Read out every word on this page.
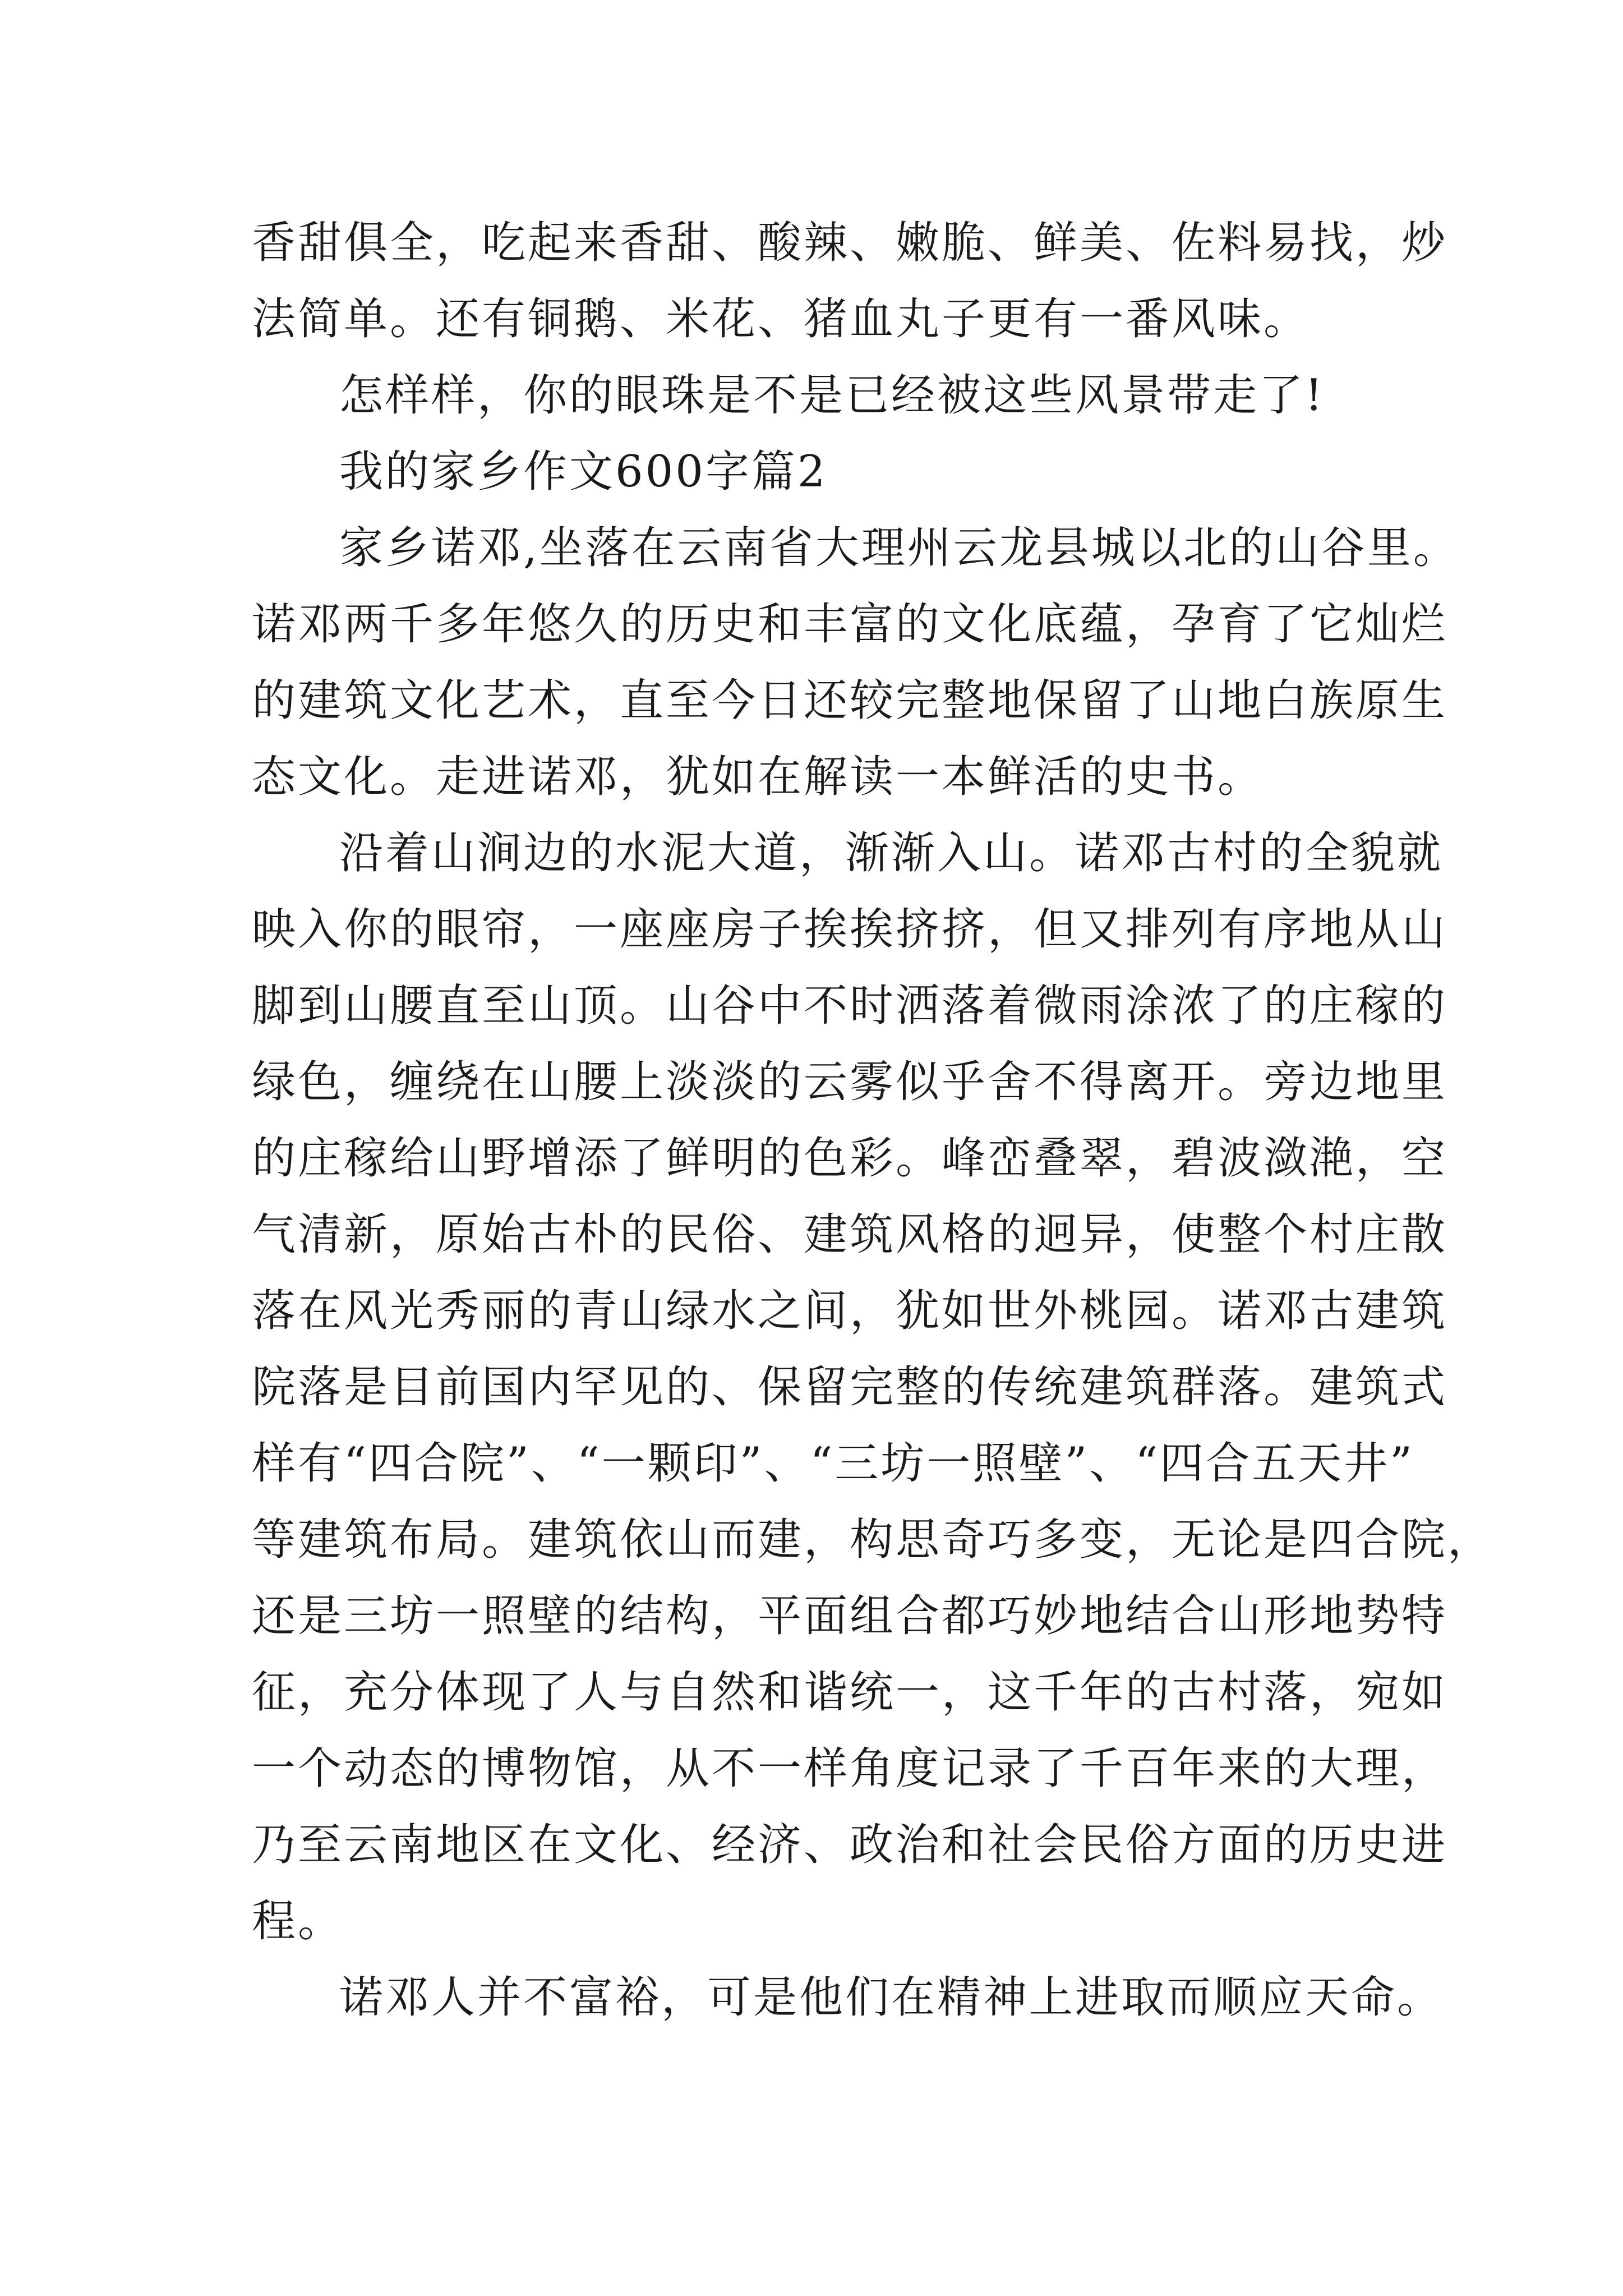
香甜俱全，吃起来香甜、酸辣、嫩脆、鲜美、佐料易找，炒
法简单。还有铜鹅、米花、猪血丸子更有一番风味。
怎样样，你的眼珠是不是已经被这些风景带走了!
我的家乡作文600字篇2
家乡诺邓,坐落在云南省大理州云龙县城以北的山谷里。
诺邓两千多年悠久的历史和丰富的文化底蕴，孕育了它灿烂
的建筑文化艺术，直至今日还较完整地保留了山地白族原生
态文化。走进诺邓，犹如在解读一本鲜活的史书。
沿着山涧边的水泥大道，渐渐入山。诺邓古村的全貌就
映入你的眼帘，一座座房子挨挨挤挤，但又排列有序地从山
脚到山腰直至山顶。山谷中不时洒落着微雨涂浓了的庄稼的
绿色，缠绕在山腰上淡淡的云雾似乎舍不得离开。旁边地里
的庄稼给山野增添了鲜明的色彩。峰峦叠翠，碧波潋滟，空
气清新，原始古朴的民俗、建筑风格的迥异，使整个村庄散
落在风光秀丽的青山绿水之间，犹如世外桃园。诺邓古建筑
院落是目前国内罕见的、保留完整的传统建筑群落。建筑式
样有“四合院”、“一颗印”、“三坊一照壁”、“四合五天井”
等建筑布局。建筑依山而建，构思奇巧多变，无论是四合院，
还是三坊一照壁的结构，平面组合都巧妙地结合山形地势特
征，充分体现了人与自然和谐统一，这千年的古村落，宛如
一个动态的博物馆，从不一样角度记录了千百年来的大理，
乃至云南地区在文化、经济、政治和社会民俗方面的历史进
程。
诺邓人并不富裕，可是他们在精神上进取而顺应天命。
